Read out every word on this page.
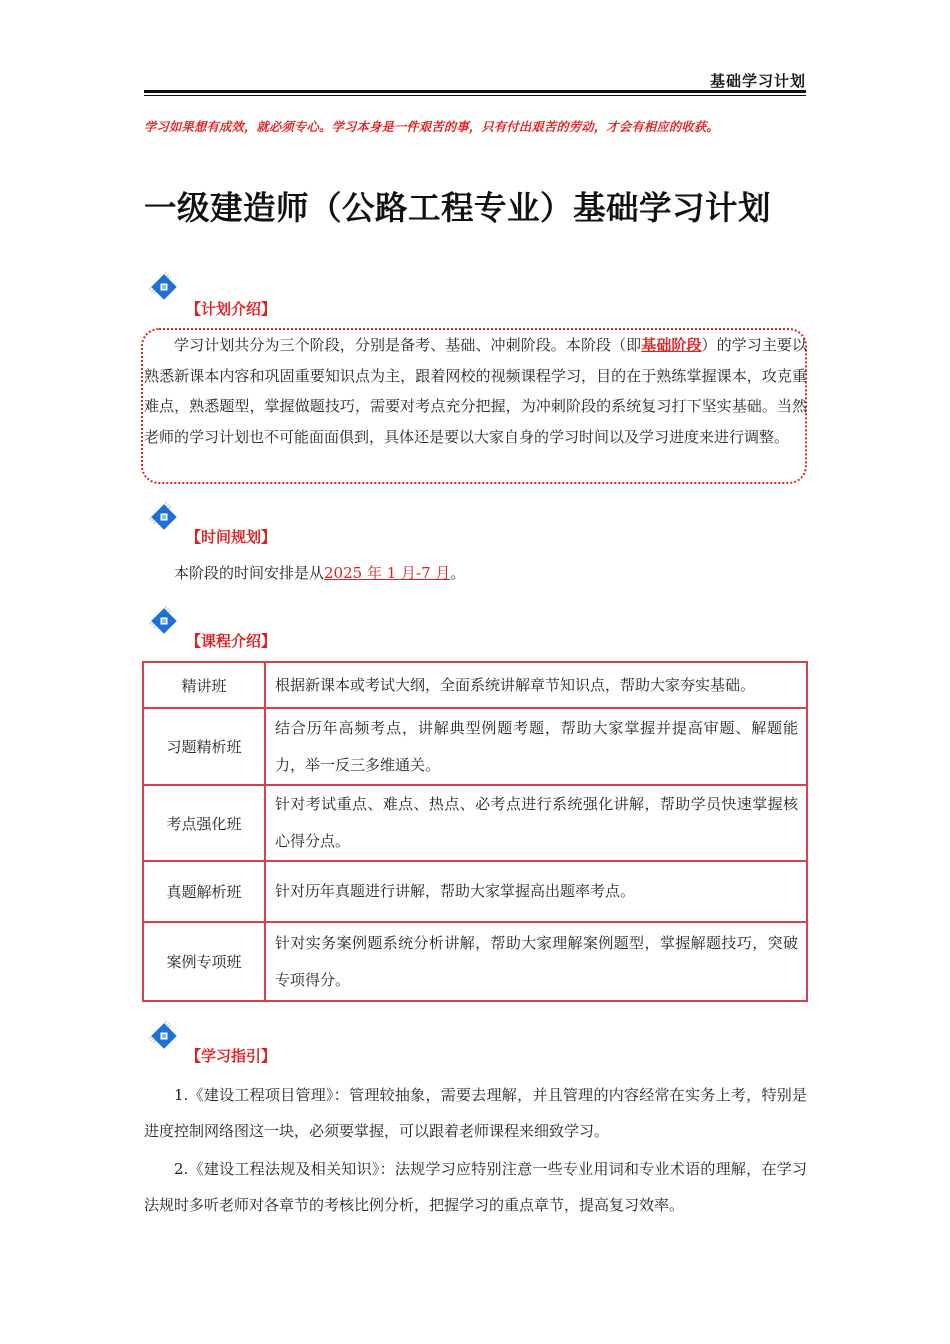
基础学习计划
学习如果想有成效，就必须专心。学习本身是一件艰苦的事，只有付出艰苦的劳动，才会有相应的收获。
一级建造师（公路工程专业）基础学习计划
【计划介绍】
学习计划共分为三个阶段，分别是备考、基础、冲刺阶段。本阶段（即基础阶段）的学习主要以熟悉新课本内容和巩固重要知识点为主，跟着网校的视频课程学习，目的在于熟练掌握课本，攻克重难点，熟悉题型，掌握做题技巧，需要对考点充分把握，为冲刺阶段的系统复习打下坚实基础。当然老师的学习计划也不可能面面俱到，具体还是要以大家自身的学习时间以及学习进度来进行调整。
【时间规划】
本阶段的时间安排是从2025 年 1 月-7 月。
【课程介绍】
精讲班	根据新课本或考试大纲，全面系统讲解章节知识点，帮助大家夯实基础。
习题精析班	结合历年高频考点，讲解典型例题考题，帮助大家掌握并提高审题、解题能力，举一反三多维通关。
考点强化班	针对考试重点、难点、热点、必考点进行系统强化讲解，帮助学员快速掌握核心得分点。
真题解析班	针对历年真题进行讲解，帮助大家掌握高出题率考点。
案例专项班	针对实务案例题系统分析讲解，帮助大家理解案例题型，掌握解题技巧，突破专项得分。
【学习指引】
1.《建设工程项目管理》：管理较抽象，需要去理解，并且管理的内容经常在实务上考，特别是进度控制网络图这一块，必须要掌握，可以跟着老师课程来细致学习。
2.《建设工程法规及相关知识》：法规学习应特别注意一些专业用词和专业术语的理解，在学习法规时多听老师对各章节的考核比例分析，把握学习的重点章节，提高复习效率。
